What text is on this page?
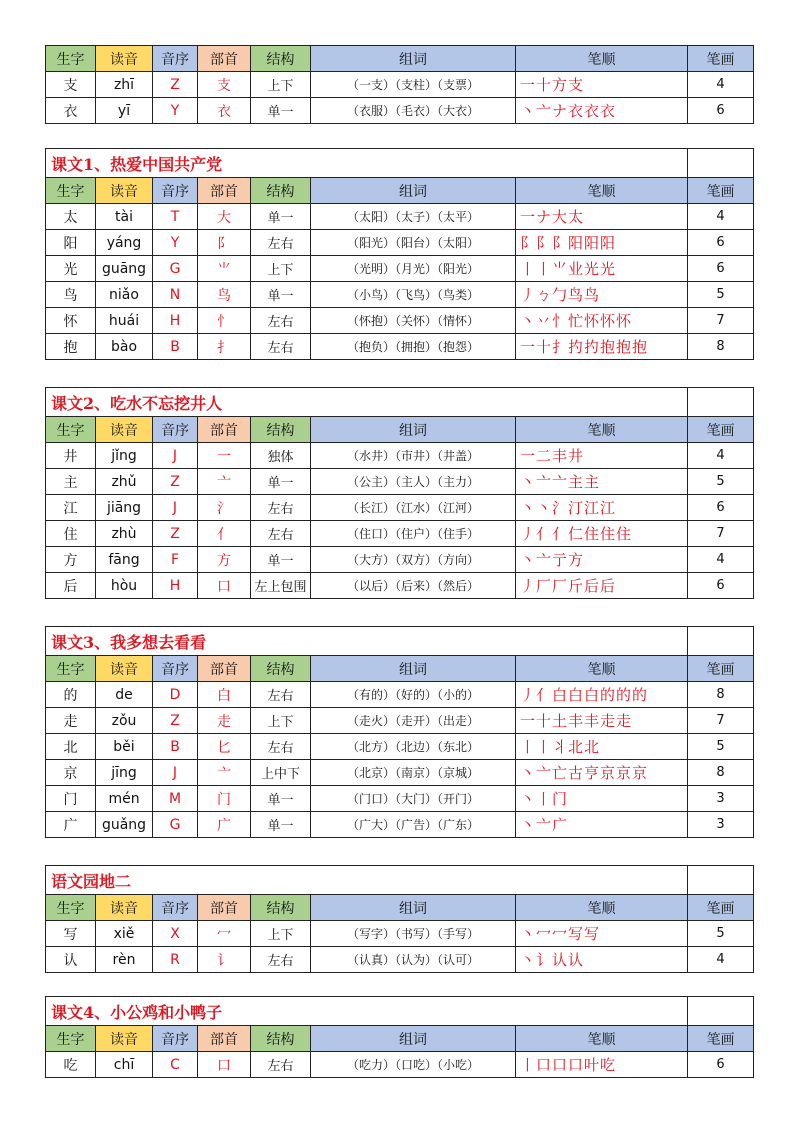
生字	读音	音序	部首	结构	组词	笔顺	笔画
支	zhī	Z	支	上下	（一支）（支柱）（支票）	一十方支	4
衣	yī	Y	衣	单一	（衣服）（毛衣）（大衣）	丶亠ナ衣衣衣	6
课文1、热爱中国共产党							
生字	读音	音序	部首	结构	组词	笔顺	笔画
太	tài	T	大	单一	（太阳）（太子）（太平）	一ナ大太	4
阳	yáng	Y	阝	左右	（阳光）（阳台）（太阳）	阝阝阝阳阳阳	6
光	guāng	G	⺌	上下	（光明）（月光）（阳光）	丨丨⺌业光光	6
鸟	niǎo	N	鸟	单一	（小鸟）（飞鸟）（鸟类）	丿ㄅ勹鸟鸟	5
怀	huái	H	忄	左右	（怀抱）（关怀）（情怀）	丶丷忄忙怀怀怀	7
抱	bào	B	扌	左右	（抱负）（拥抱）（抱怨）	一十扌扚扚抱抱抱	8
课文2、吃水不忘挖井人							
生字	读音	音序	部首	结构	组词	笔顺	笔画
井	jǐng	J	一	独体	（水井）（市井）（井盖）	一二丰井	4
主	zhǔ	Z	亠	单一	（公主）（主人）（主力）	丶亠亠主主	5
江	jiāng	J	氵	左右	（长江）（江水）（江河）	丶丶氵汀江江	6
住	zhù	Z	亻	左右	（住口）（住户）（住手）	丿亻亻仁住住住	7
方	fāng	F	方	单一	（大方）（双方）（方向）	丶亠亍方	4
后	hòu	H	口	左上包围	（以后）（后来）（然后）	丿厂厂斤后后	6
课文3、我多想去看看							
生字	读音	音序	部首	结构	组词	笔顺	笔画
的	de	D	白	左右	（有的）（好的）（小的）	丿亻白白白的的的	8
走	zǒu	Z	走	上下	（走火）（走开）（出走）	一十土丰丰走走	7
北	běi	B	匕	左右	（北方）（北边）（东北）	丨丨丬北北	5
京	jīng	J	亠	上中下	（北京）（南京）（京城）	丶亠亡古亨京京京	8
门	mén	M	门	单一	（门口）（大门）（开门）	丶丨门	3
广	guǎng	G	广	单一	（广大）（广告）（广东）	丶亠广	3
语文园地二							
生字	读音	音序	部首	结构	组词	笔顺	笔画
写	xiě	X	冖	上下	（写字）（书写）（手写）	丶冖冖写写	5
认	rèn	R	讠	左右	（认真）（认为）（认可）	丶讠认认	4
课文4、小公鸡和小鸭子							
生字	读音	音序	部首	结构	组词	笔顺	笔画
吃	chī	C	口	左右	（吃力）（口吃）（小吃）	丨口口口叶吃	6
